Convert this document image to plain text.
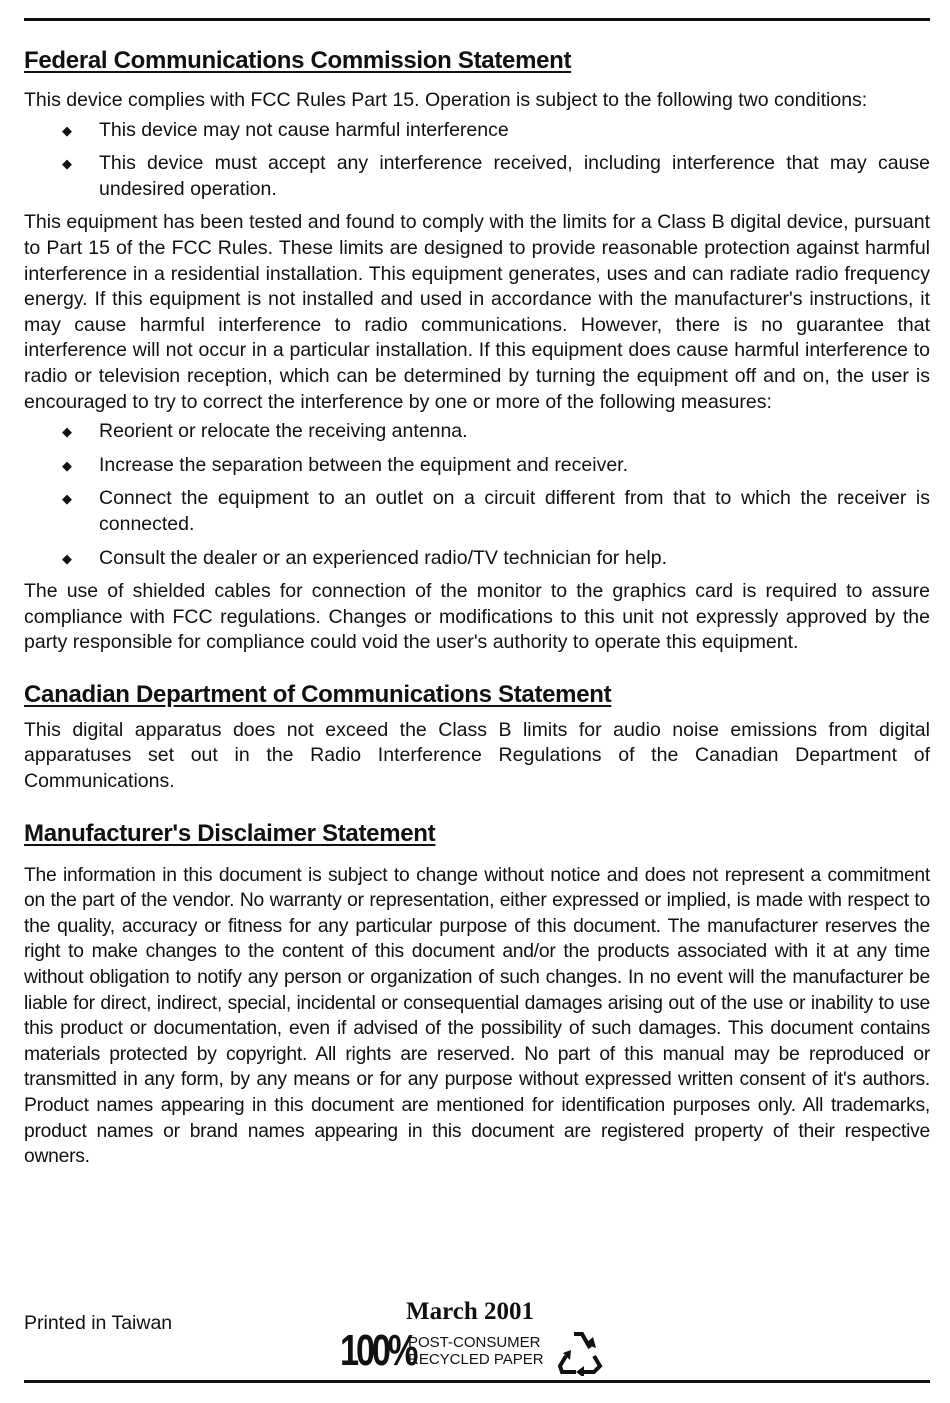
Federal Communications Commission Statement

This device complies with FCC Rules Part 15. Operation is subject to the following two conditions:

◆ This device may not cause harmful interference
◆ This device must accept any interference received, including interference that may cause undesired operation.

This equipment has been tested and found to comply with the limits for a Class B digital device, pursuant to Part 15 of the FCC Rules. These limits are designed to provide reasonable protection against harmful interference in a residential installation. This equipment generates, uses and can radiate radio frequency energy. If this equipment is not installed and used in accordance with the manufacturer's instructions, it may cause harmful interference to radio communications. However, there is no guarantee that interference will not occur in a particular installation. If this equipment does cause harmful interference to radio or television reception, which can be determined by turning the equipment off and on, the user is encouraged to try to correct the interference by one or more of the following measures:

◆ Reorient or relocate the receiving antenna.
◆ Increase the separation between the equipment and receiver.
◆ Connect the equipment to an outlet on a circuit different from that to which the receiver is connected.
◆ Consult the dealer or an experienced radio/TV technician for help.

The use of shielded cables for connection of the monitor to the graphics card is required to assure compliance with FCC regulations. Changes or modifications to this unit not expressly approved by the party responsible for compliance could void the user's authority to operate this equipment.

Canadian Department of Communications Statement

This digital apparatus does not exceed the Class B limits for audio noise emissions from digital apparatuses set out in the Radio Interference Regulations of the Canadian Department of Communications.

Manufacturer's Disclaimer Statement

The information in this document is subject to change without notice and does not represent a commitment on the part of the vendor. No warranty or representation, either expressed or implied, is made with respect to the quality, accuracy or fitness for any particular purpose of this document. The manufacturer reserves the right to make changes to the content of this document and/or the products associated with it at any time without obligation to notify any person or organization of such changes. In no event will the manufacturer be liable for direct, indirect, special, incidental or consequential damages arising out of the use or inability to use this product or documentation, even if advised of the possibility of such damages. This document contains materials protected by copyright. All rights are reserved. No part of this manual may be reproduced or transmitted in any form, by any means or for any purpose without expressed written consent of it's authors. Product names appearing in this document are mentioned for identification purposes only. All trademarks, product names or brand names appearing in this document are registered property of their respective owners.

Printed in Taiwan	March 2001
100%
POST-CONSUMER
RECYCLED PAPER
